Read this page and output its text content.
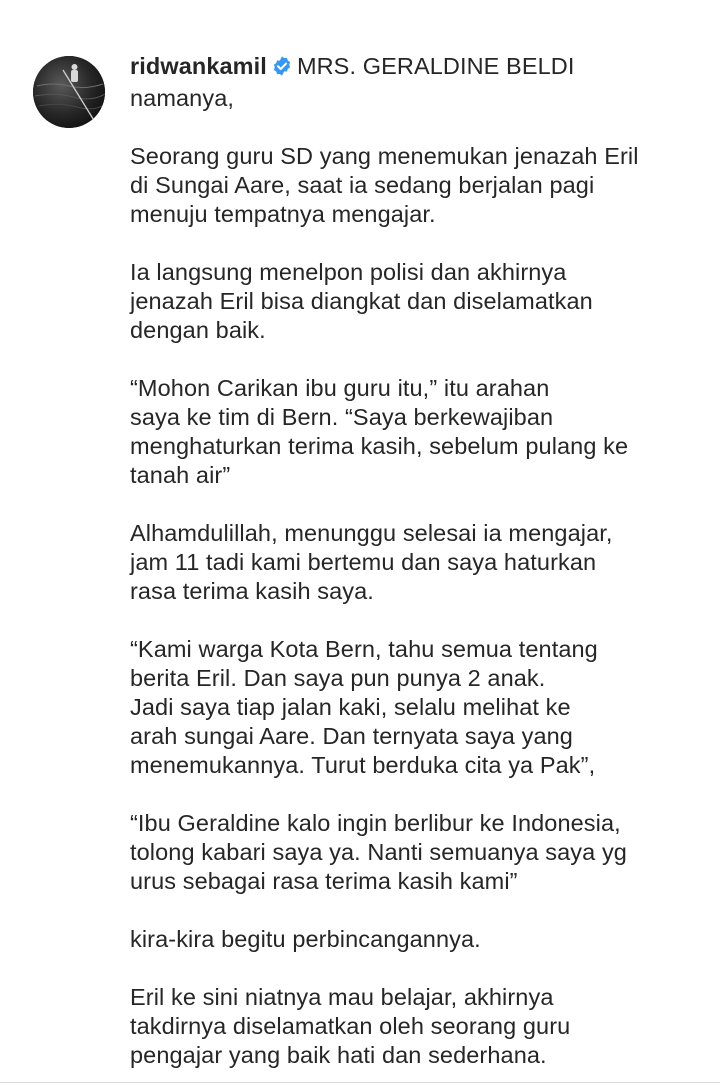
ridwankamil MRS. GERALDINE BELDI

namanya,

Seorang guru SD yang menemukan jenazah Eril
di Sungai Aare, saat ia sedang berjalan pagi
menuju tempatnya mengajar.

Ia langsung menelpon polisi dan akhirnya
jenazah Eril bisa diangkat dan diselamatkan
dengan baik.

“Mohon Carikan ibu guru itu,” itu arahan
saya ke tim di Bern. “Saya berkewajiban
menghaturkan terima kasih, sebelum pulang ke
tanah air”

Alhamdulillah, menunggu selesai ia mengajar,
jam 11 tadi kami bertemu dan saya haturkan
rasa terima kasih saya.

“Kami warga Kota Bern, tahu semua tentang
berita Eril. Dan saya pun punya 2 anak.
Jadi saya tiap jalan kaki, selalu melihat ke
arah sungai Aare. Dan ternyata saya yang
menemukannya. Turut berduka cita ya Pak”,

“Ibu Geraldine kalo ingin berlibur ke Indonesia,
tolong kabari saya ya. Nanti semuanya saya yg
urus sebagai rasa terima kasih kami”

kira-kira begitu perbincangannya.

Eril ke sini niatnya mau belajar, akhirnya
takdirnya diselamatkan oleh seorang guru
pengajar yang baik hati dan sederhana.
